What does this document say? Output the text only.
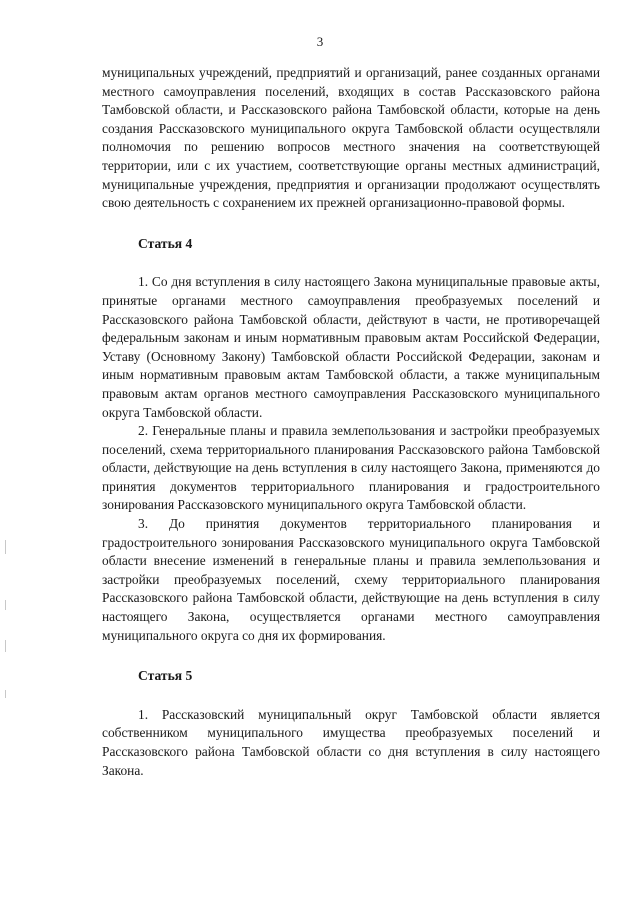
3

муниципальных учреждений, предприятий и организаций, ранее созданных органами местного самоуправления поселений, входящих в состав Рассказовского района Тамбовской области, и Рассказовского района Тамбовской области, которые на день создания Рассказовского муниципального округа Тамбовской области осуществляли полномочия по решению вопросов местного значения на соответствующей территории, или с их участием, соответствующие органы местных администраций, муниципальные учреждения, предприятия и организации продолжают осуществлять свою деятельность с сохранением их прежней организационно-правовой формы.

Статья 4

1. Со дня вступления в силу настоящего Закона муниципальные правовые акты, принятые органами местного самоуправления преобразуемых поселений и Рассказовского района Тамбовской области, действуют в части, не противоречащей федеральным законам и иным нормативным правовым актам Российской Федерации, Уставу (Основному Закону) Тамбовской области Российской Федерации, законам и иным нормативным правовым актам Тамбовской области, а также муниципальным правовым актам органов местного самоуправления Рассказовского муниципального округа Тамбовской области.

2. Генеральные планы и правила землепользования и застройки преобразуемых поселений, схема территориального планирования Рассказовского района Тамбовской области, действующие на день вступления в силу настоящего Закона, применяются до принятия документов территориального планирования и градостроительного зонирования Рассказовского муниципального округа Тамбовской области.

3. До принятия документов территориального планирования и градостроительного зонирования Рассказовского муниципального округа Тамбовской области внесение изменений в генеральные планы и правила землепользования и застройки преобразуемых поселений, схему территориального планирования Рассказовского района Тамбовской области, действующие на день вступления в силу настоящего Закона, осуществляется органами местного самоуправления муниципального округа со дня их формирования.

Статья 5

1. Рассказовский муниципальный округ Тамбовской области является собственником муниципального имущества преобразуемых поселений и Рассказовского района Тамбовской области со дня вступления в силу настоящего Закона.
